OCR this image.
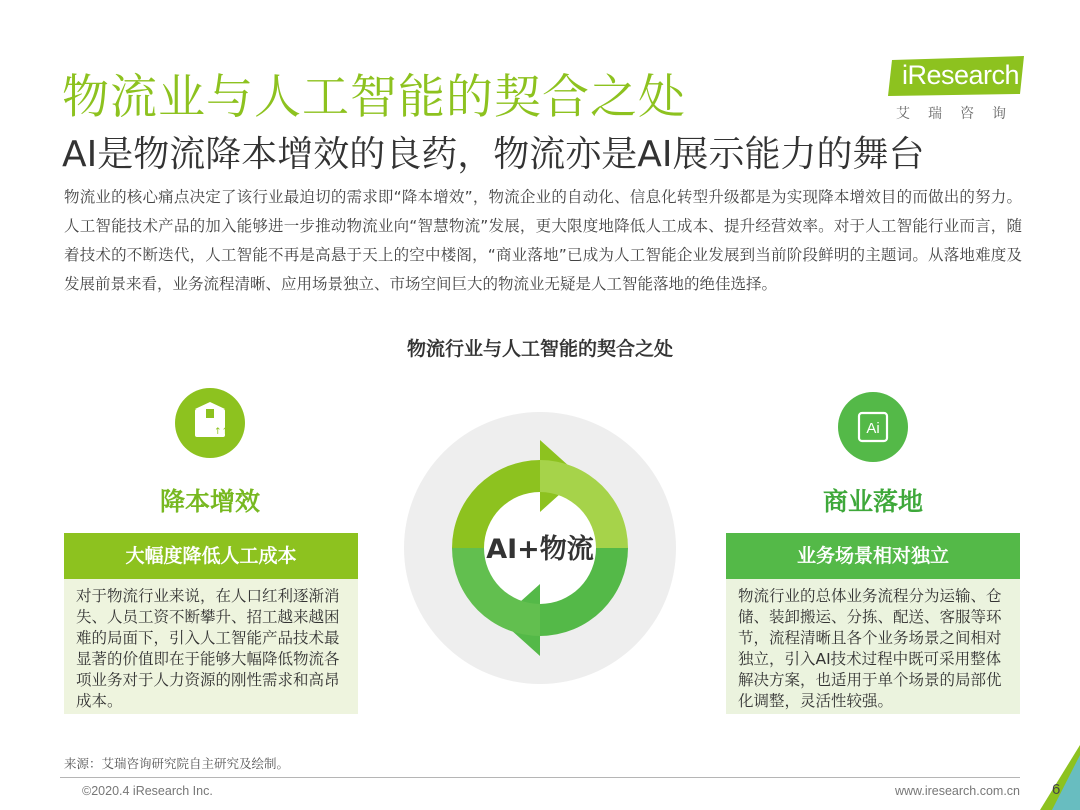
物流业与人工智能的契合之处
AI是物流降本增效的良药，物流亦是AI展示能力的舞台
iResearch
艾瑞咨询
物流业的核心痛点决定了该行业最迫切的需求即“降本增效”，物流企业的自动化、信息化转型升级都是为实现降本增效目的而做出的努力。人工智能技术产品的加入能够进一步推动物流业向“智慧物流”发展，更大限度地降低人工成本、提升经营效率。对于人工智能行业而言，随着技术的不断迭代，人工智能不再是高悬于天上的空中楼阁，“商业落地”已成为人工智能企业发展到当前阶段鲜明的主题词。从落地难度及发展前景来看，业务流程清晰、应用场景独立、市场空间巨大的物流业无疑是人工智能落地的绝佳选择。
物流行业与人工智能的契合之处
↑↑
降本增效
大幅度降低人工成本
对于物流行业来说，在人口红利逐渐消失、人员工资不断攀升、招工越来越困难的局面下，引入人工智能产品技术最显著的价值即在于能够大幅降低物流各项业务对于人力资源的刚性需求和高昂成本。
Ai
商业落地
业务场景相对独立
物流行业的总体业务流程分为运输、仓储、装卸搬运、分拣、配送、客服等环节，流程清晰且各个业务场景之间相对独立，引入AI技术过程中既可采用整体解决方案，也适用于单个场景的局部优化调整，灵活性较强。
AI+物流
来源：艾瑞咨询研究院自主研究及绘制。
©2020.4 iResearch Inc.	www.iresearch.com.cn 6
